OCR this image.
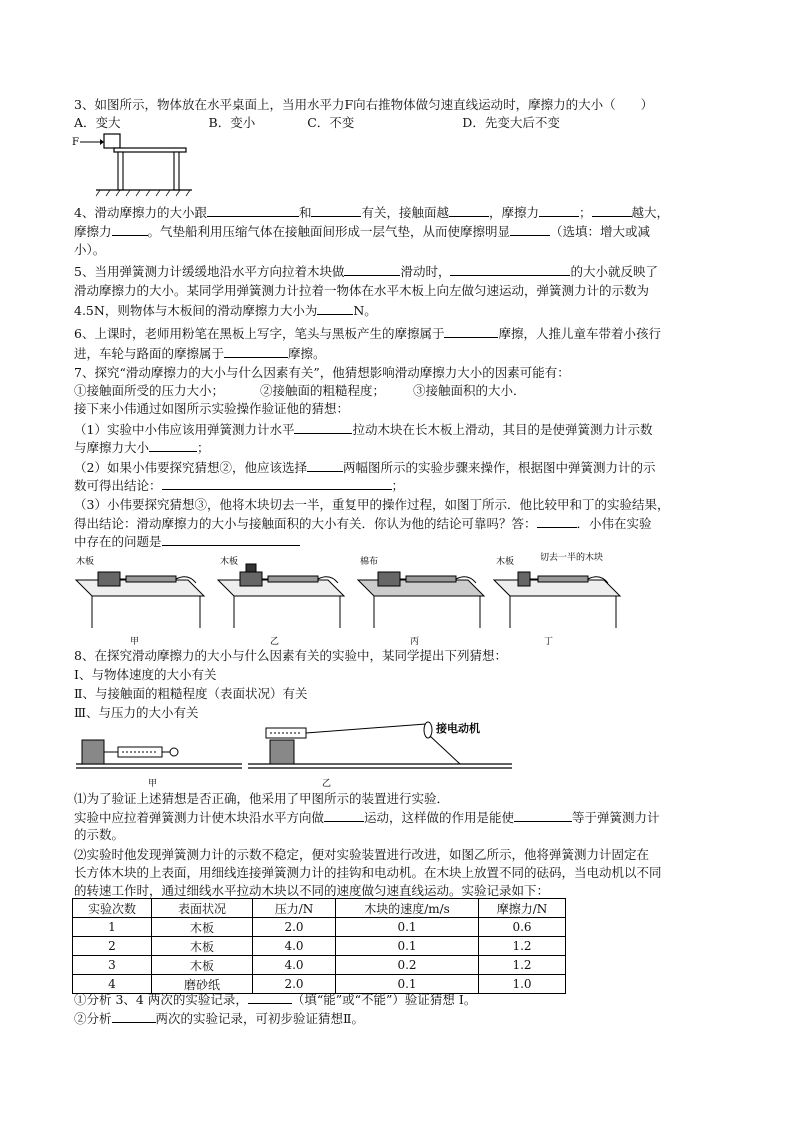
3、如图所示，物体放在水平桌面上，当用水平力F向右推物体做匀速直线运动时，摩擦力的大小（　　）
A．变大	B．变小	C．不变	D．先变大后不变
F
4、滑动摩擦力的大小跟	和	有关，接触面越	，摩擦力	；	越大，
摩擦力	。气垫船利用压缩气体在接触面间形成一层气垫，从而使摩擦明显	（选填：增大或减
小）。
5、当用弹簧测力计缓缓地沿水平方向拉着木块做	滑动时，	的大小就反映了
滑动摩擦力的大小。某同学用弹簧测力计拉着一物体在水平木板上向左做匀速运动，弹簧测力计的示数为
4.5N，则物体与木板间的滑动摩擦力大小为	N。
6、上课时，老师用粉笔在黑板上写字，笔头与黑板产生的摩擦属于	摩擦，人推儿童车带着小孩行
进，车轮与路面的摩擦属于	摩擦。
7、探究“滑动摩擦力的大小与什么因素有关”，他猜想影响滑动摩擦力大小的因素可能有：
①接触面所受的压力大小；	②接触面的粗糙程度； ③接触面积的大小．
接下来小伟通过如图所示实验操作验证他的猜想：
（1）实验中小伟应该用弹簧测力计水平	拉动木块在长木板上滑动，其目的是使弹簧测力计示数
与摩擦力大小	；
（2）如果小伟要探究猜想②，他应该选择	两幅图所示的实验步骤来操作，根据图中弹簧测力计的示
数可得出结论：	；
（3）小伟要探究猜想③，他将木块切去一半，重复甲的操作过程，如图丁所示．他比较甲和丁的实验结果，
得出结论：滑动摩擦力的大小与接触面积的大小有关．你认为他的结论可靠吗？答：	．小伟在实验
中存在的问题是
木板
甲
木板
乙
棉布
丙
木板	切去一半的木块
丁
8、在探究滑动摩擦力的大小与什么因素有关的实验中，某同学提出下列猜想：
Ⅰ、与物体速度的大小有关
Ⅱ、与接触面的粗糙程度（表面状况）有关
Ⅲ、与压力的大小有关
甲
接电动机
乙
⑴为了验证上述猜想是否正确，他采用了甲图所示的装置进行实验．
实验中应拉着弹簧测力计使木块沿水平方向做	运动，这样做的作用是能使	等于弹簧测力计
的示数。
⑵实验时他发现弹簧测力计的示数不稳定，便对实验装置进行改进，如图乙所示，他将弹簧测力计固定在
长方体木块的上表面，用细线连接弹簧测力计的挂钩和电动机。在木块上放置不同的砝码，当电动机以不同
的转速工作时，通过细线水平拉动木块以不同的速度做匀速直线运动。实验记录如下：
实验次数	表面状况	压力/N	木块的速度/m/s	摩擦力/N
1	木板	2.0	0.1	0.6
2	木板	4.0	0.1	1.2
3	木板	4.0	0.2	1.2
4	磨砂纸	2.0	0.1	1.0
①分析 3、4 两次的实验记录，	（填“能”或“不能”）验证猜想 I。
②分析	两次的实验记录，可初步验证猜想Ⅱ。
